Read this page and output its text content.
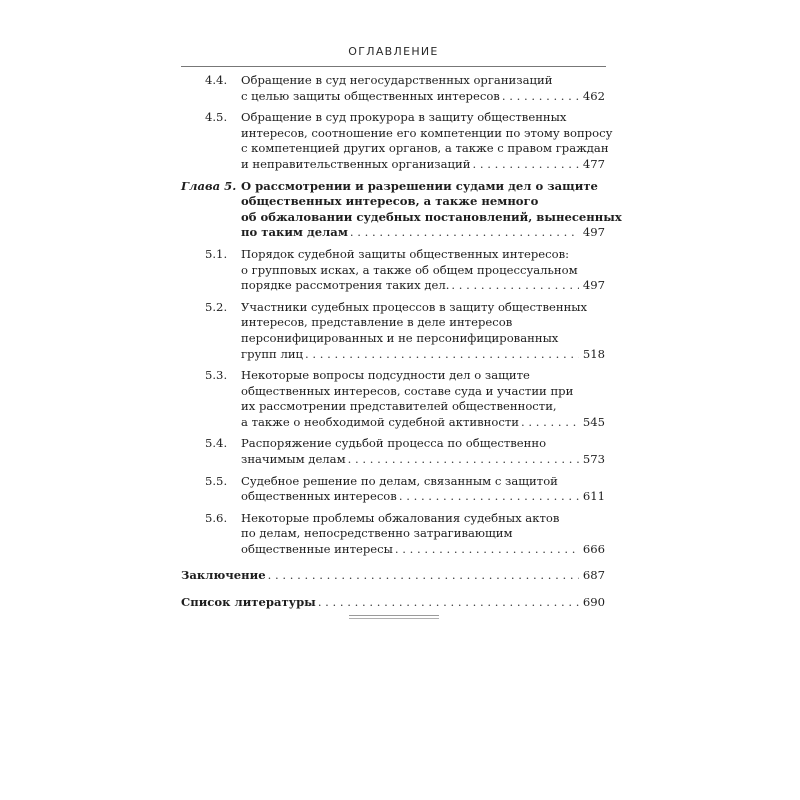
ОГЛАВЛЕНИЕ
4.4. Обращение в суд негосударственных организаций
с целью защиты общественных интересов . . .	462
4.5. Обращение в суд прокурора в защиту общественных
интересов, соотношение его компетенции по этому вопросу
с компетенцией других органов, а также с правом граждан
и неправительственных организаций . . .	477
Глава 5. О рассмотрении и разрешении судами дел о защите
общественных интересов, а также немного
об обжаловании судебных постановлений, вынесенных
по таким делам . . .	497
5.1. Порядок судебной защиты общественных интересов:
о групповых исках, а также об общем процессуальном
порядке рассмотрения таких дел. . . .	497
5.2. Участники судебных процессов в защиту общественных
интересов, представление в деле интересов
персонифицированных и не персонифицированных
групп лиц . . .	518
5.3. Некоторые вопросы подсудности дел о защите
общественных интересов, составе суда и участии при
их рассмотрении представителей общественности,
а также о необходимой судебной активности . . .	545
5.4. Распоряжение судьбой процесса по общественно
значимым делам . . .	573
5.5. Судебное решение по делам, связанным с защитой
общественных интересов . . .	611
5.6. Некоторые проблемы обжалования судебных актов
по делам, непосредственно затрагивающим
общественные интересы . . .	666
Заключение . . .	687
Список литературы . . .	690
